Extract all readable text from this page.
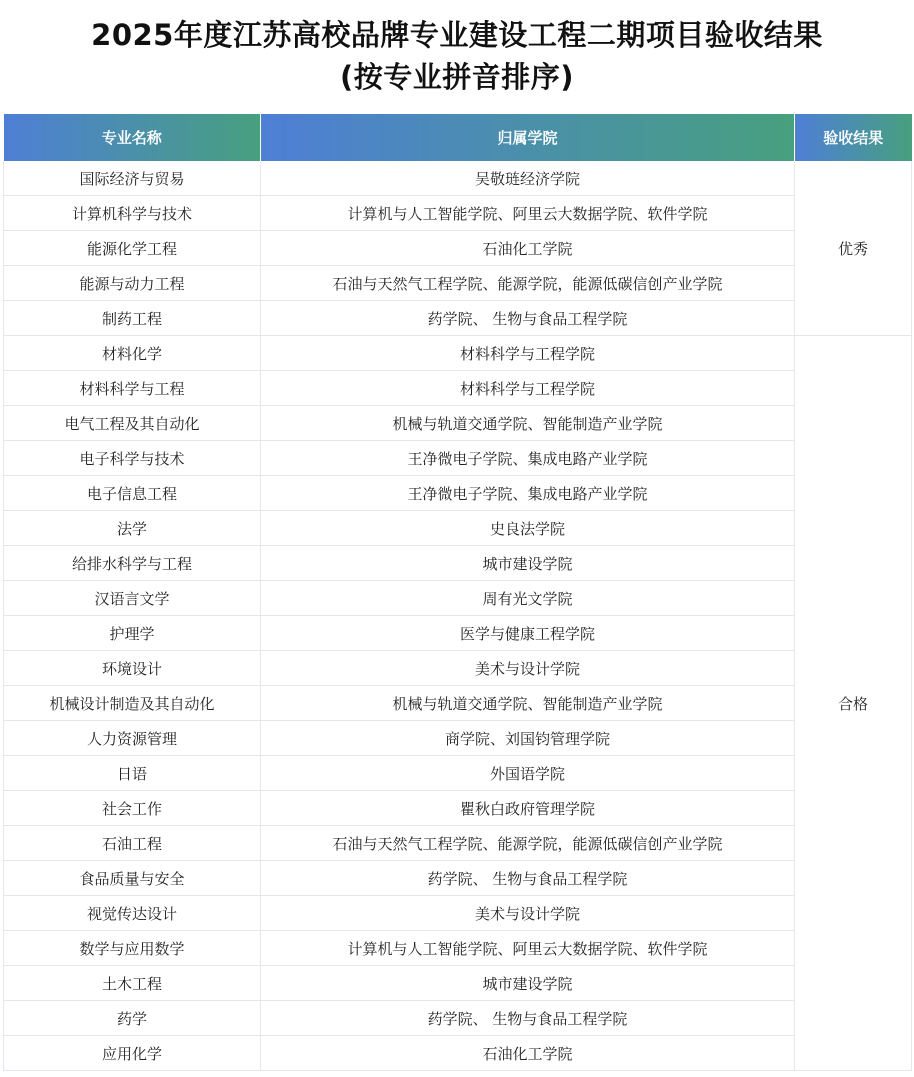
2025年度江苏高校品牌专业建设工程二期项目验收结果
(按专业拼音排序)
专业名称	归属学院	验收结果
国际经济与贸易	吴敬琏经济学院	优秀
计算机科学与技术	计算机与人工智能学院、阿里云大数据学院、软件学院	
能源化学工程	石油化工学院	
能源与动力工程	石油与天然气工程学院、能源学院，能源低碳信创产业学院	
制药工程	药学院、 生物与食品工程学院	
材料化学	材料科学与工程学院	合格
材料科学与工程	材料科学与工程学院	
电气工程及其自动化	机械与轨道交通学院、智能制造产业学院	
电子科学与技术	王净微电子学院、集成电路产业学院	
电子信息工程	王净微电子学院、集成电路产业学院	
法学	史良法学院	
给排水科学与工程	城市建设学院	
汉语言文学	周有光文学院	
护理学	医学与健康工程学院	
环境设计	美术与设计学院	
机械设计制造及其自动化	机械与轨道交通学院、智能制造产业学院	
人力资源管理	商学院、刘国钧管理学院	
日语	外国语学院	
社会工作	瞿秋白政府管理学院	
石油工程	石油与天然气工程学院、能源学院，能源低碳信创产业学院	
食品质量与安全	药学院、 生物与食品工程学院	
视觉传达设计	美术与设计学院	
数学与应用数学	计算机与人工智能学院、阿里云大数据学院、软件学院	
土木工程	城市建设学院	
药学	药学院、 生物与食品工程学院	
应用化学	石油化工学院	
